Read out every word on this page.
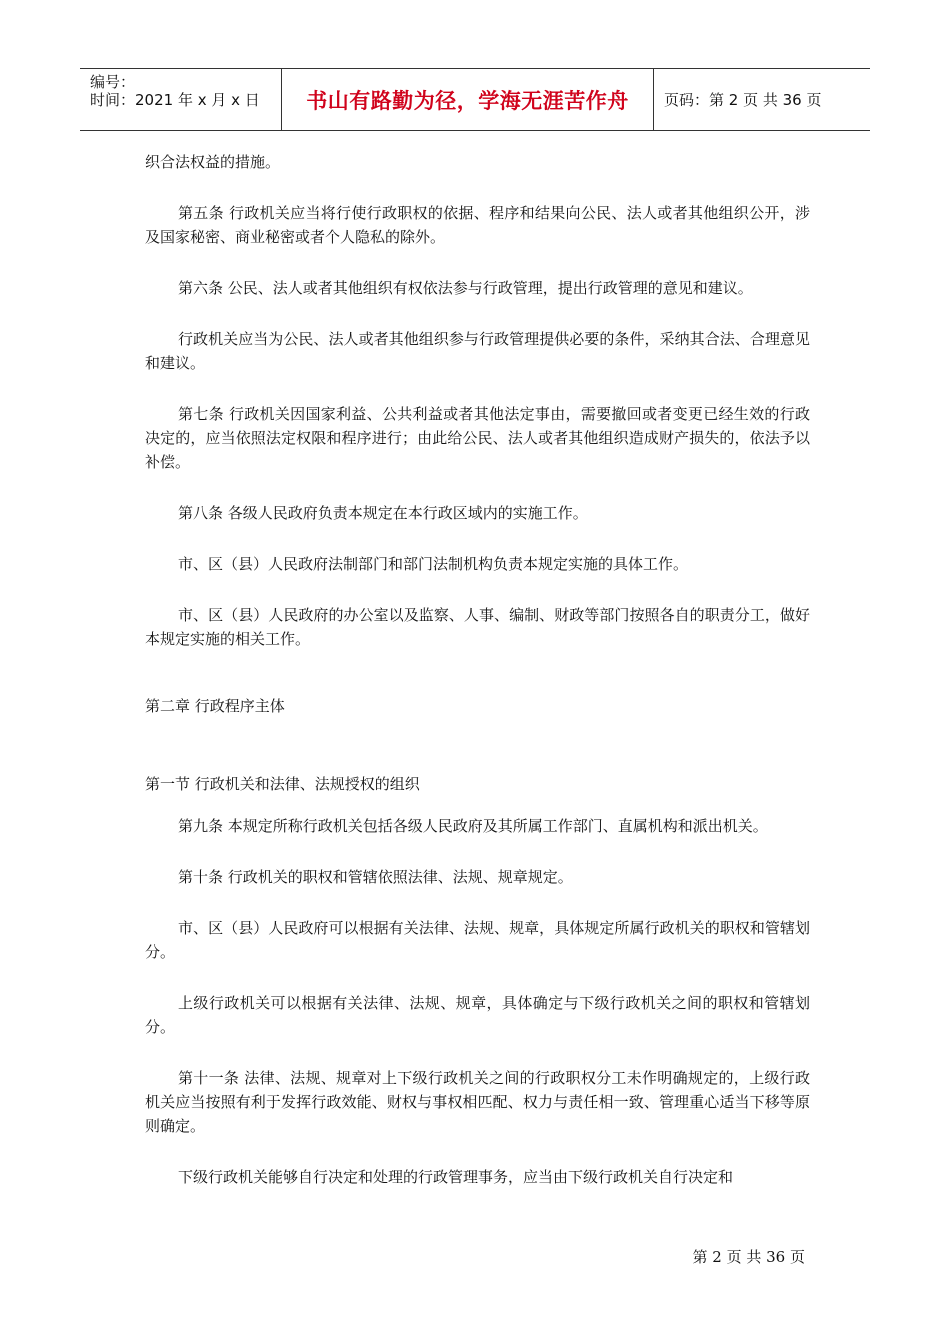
编号：
时间：2021 年 x 月 x 日 书山有路勤为径，学海无涯苦作舟 页码：第 2 页 共 36 页

织合法权益的措施。

第五条 行政机关应当将行使行政职权的依据、程序和结果向公民、法人或者其他组织公开，涉及国家秘密、商业秘密或者个人隐私的除外。

第六条 公民、法人或者其他组织有权依法参与行政管理，提出行政管理的意见和建议。

行政机关应当为公民、法人或者其他组织参与行政管理提供必要的条件，采纳其合法、合理意见和建议。

第七条 行政机关因国家利益、公共利益或者其他法定事由，需要撤回或者变更已经生效的行政决定的，应当依照法定权限和程序进行；由此给公民、法人或者其他组织造成财产损失的，依法予以补偿。

第八条 各级人民政府负责本规定在本行政区域内的实施工作。

市、区（县）人民政府法制部门和部门法制机构负责本规定实施的具体工作。

市、区（县）人民政府的办公室以及监察、人事、编制、财政等部门按照各自的职责分工，做好本规定实施的相关工作。

第二章 行政程序主体

第一节 行政机关和法律、法规授权的组织

第九条 本规定所称行政机关包括各级人民政府及其所属工作部门、直属机构和派出机关。

第十条 行政机关的职权和管辖依照法律、法规、规章规定。

市、区（县）人民政府可以根据有关法律、法规、规章，具体规定所属行政机关的职权和管辖划分。

上级行政机关可以根据有关法律、法规、规章，具体确定与下级行政机关之间的职权和管辖划分。

第十一条 法律、法规、规章对上下级行政机关之间的行政职权分工未作明确规定的，上级行政机关应当按照有利于发挥行政效能、财权与事权相匹配、权力与责任相一致、管理重心适当下移等原则确定。

下级行政机关能够自行决定和处理的行政管理事务，应当由下级行政机关自行决定和

第 2 页 共 36 页
